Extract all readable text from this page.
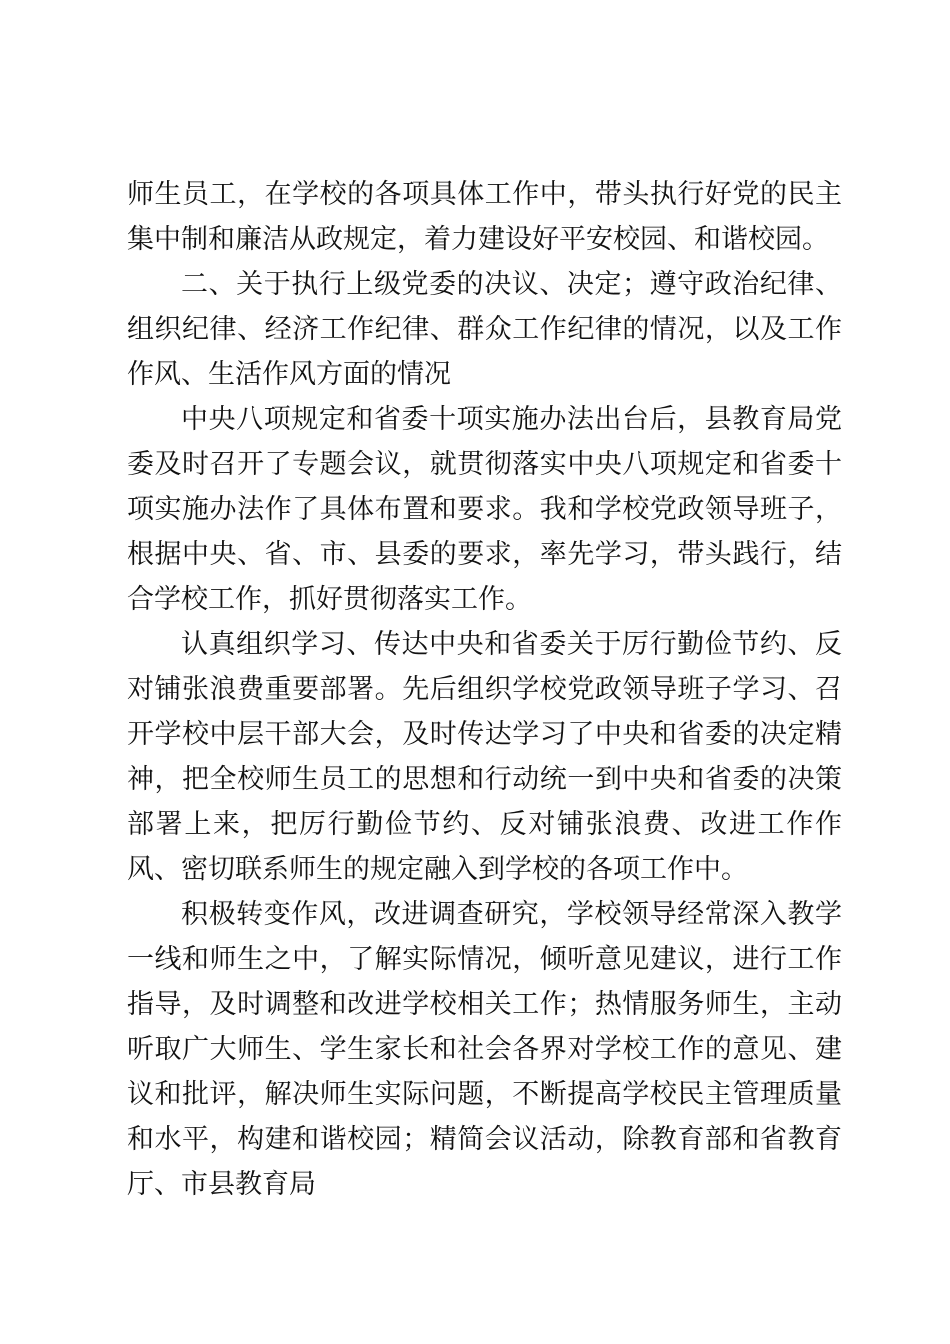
师生员工，在学校的各项具体工作中，带头执行好党的民主集中制和廉洁从政规定，着力建设好平安校园、和谐校园。

二、关于执行上级党委的决议、决定；遵守政治纪律、组织纪律、经济工作纪律、群众工作纪律的情况，以及工作作风、生活作风方面的情况

中央八项规定和省委十项实施办法出台后，县教育局党委及时召开了专题会议，就贯彻落实中央八项规定和省委十项实施办法作了具体布置和要求。我和学校党政领导班子，根据中央、省、市、县委的要求，率先学习，带头践行，结合学校工作，抓好贯彻落实工作。

认真组织学习、传达中央和省委关于厉行勤俭节约、反对铺张浪费重要部署。先后组织学校党政领导班子学习、召开学校中层干部大会，及时传达学习了中央和省委的决定精神，把全校师生员工的思想和行动统一到中央和省委的决策部署上来，把厉行勤俭节约、反对铺张浪费、改进工作作风、密切联系师生的规定融入到学校的各项工作中。

积极转变作风，改进调查研究，学校领导经常深入教学一线和师生之中，了解实际情况，倾听意见建议，进行工作指导，及时调整和改进学校相关工作；热情服务师生，主动听取广大师生、学生家长和社会各界对学校工作的意见、建议和批评，解决师生实际问题，不断提高学校民主管理质量和水平，构建和谐校园；精简会议活动，除教育部和省教育厅、市县教育局
